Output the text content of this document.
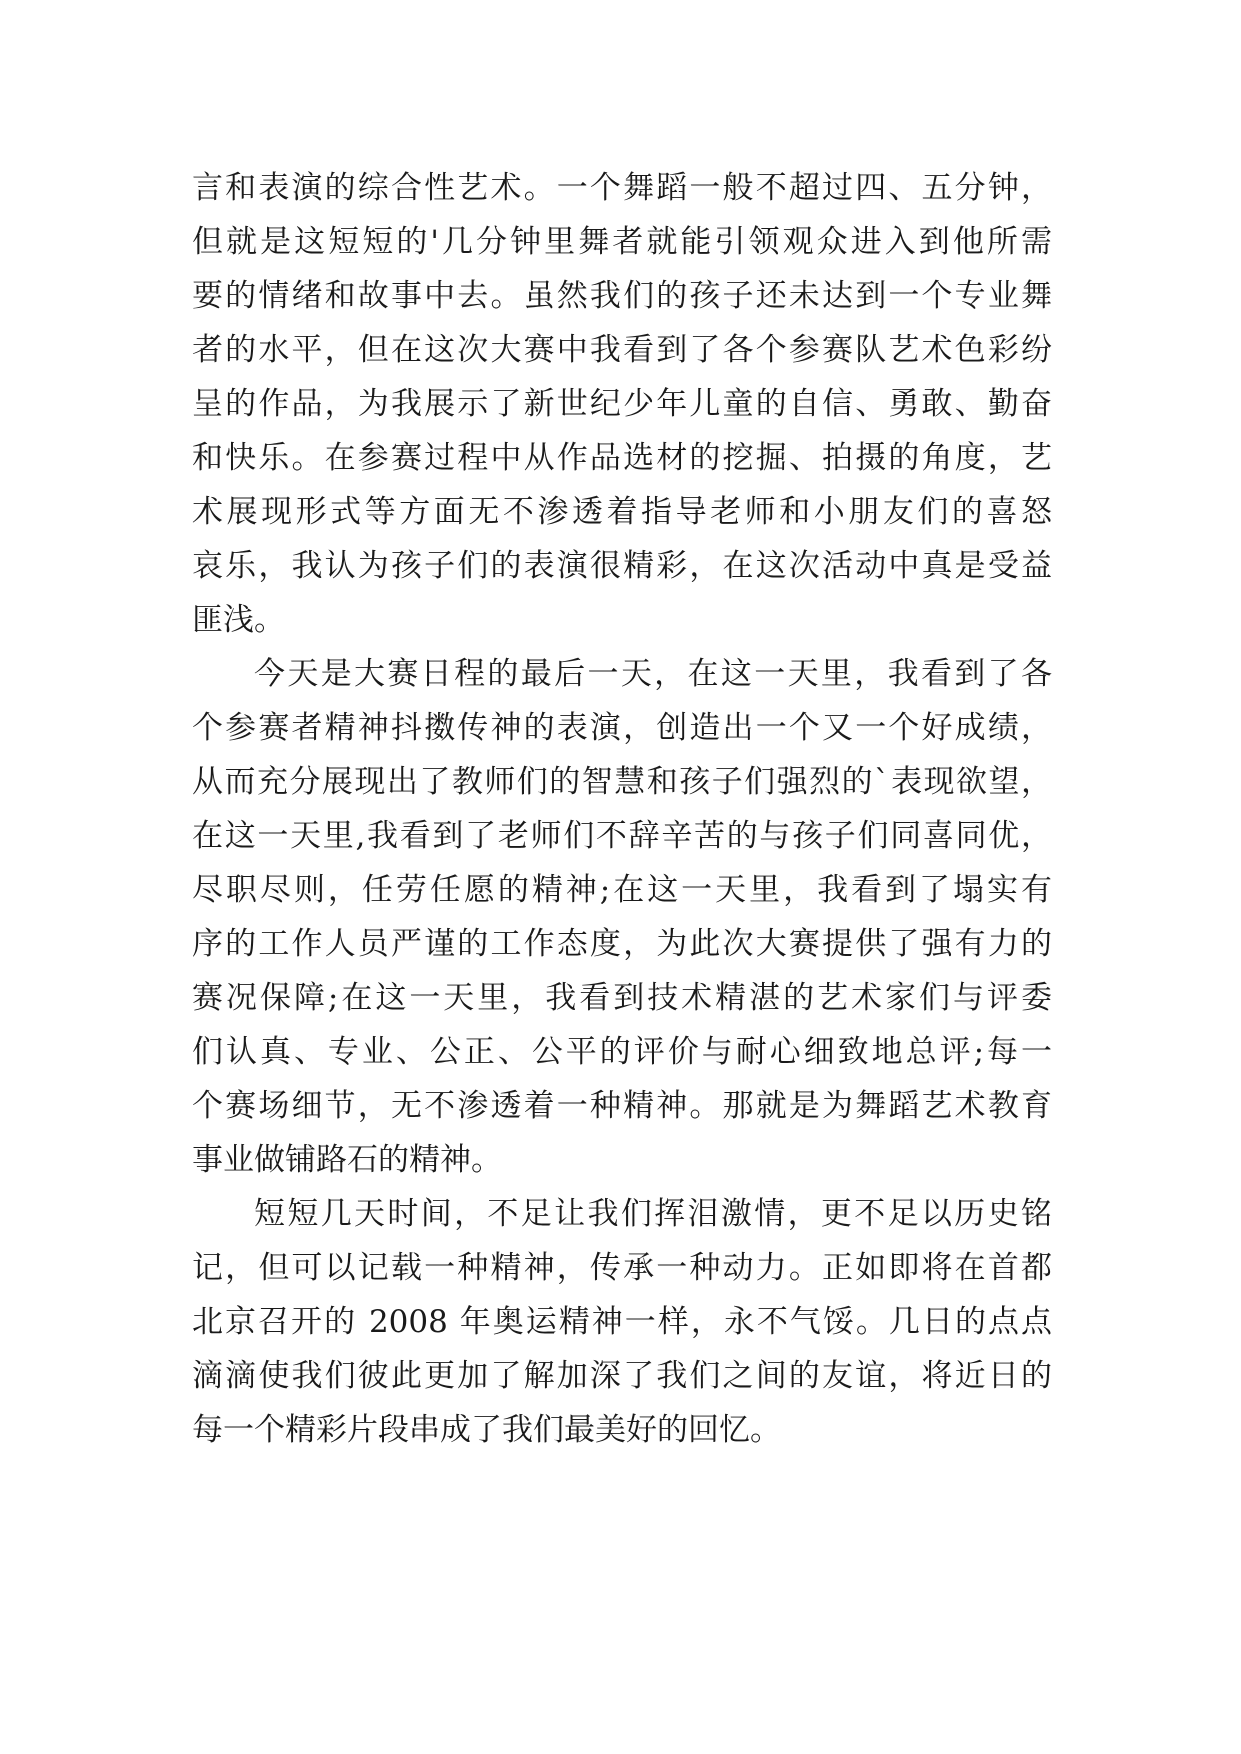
言和表演的综合性艺术。一个舞蹈一般不超过四、五分钟，
但就是这短短的'几分钟里舞者就能引领观众进入到他所需
要的情绪和故事中去。虽然我们的孩子还未达到一个专业舞
者的水平，但在这次大赛中我看到了各个参赛队艺术色彩纷
呈的作品，为我展示了新世纪少年儿童的自信、勇敢、勤奋
和快乐。在参赛过程中从作品选材的挖掘、拍摄的角度，艺
术展现形式等方面无不渗透着指导老师和小朋友们的喜怒
哀乐，我认为孩子们的表演很精彩，在这次活动中真是受益
匪浅。
今天是大赛日程的最后一天，在这一天里，我看到了各
个参赛者精神抖擞传神的表演，创造出一个又一个好成绩，
从而充分展现出了教师们的智慧和孩子们强烈的`表现欲望，
在这一天里,我看到了老师们不辞辛苦的与孩子们同喜同优，
尽职尽则，任劳任愿的精神;在这一天里，我看到了塌实有
序的工作人员严谨的工作态度，为此次大赛提供了强有力的
赛况保障;在这一天里，我看到技术精湛的艺术家们与评委
们认真、专业、公正、公平的评价与耐心细致地总评;每一
个赛场细节，无不渗透着一种精神。那就是为舞蹈艺术教育
事业做铺路石的精神。
短短几天时间，不足让我们挥泪激情，更不足以历史铭
记，但可以记载一种精神，传承一种动力。正如即将在首都
北京召开的 2008 年奥运精神一样，永不气馁。几日的点点
滴滴使我们彼此更加了解加深了我们之间的友谊，将近日的
每一个精彩片段串成了我们最美好的回忆。
